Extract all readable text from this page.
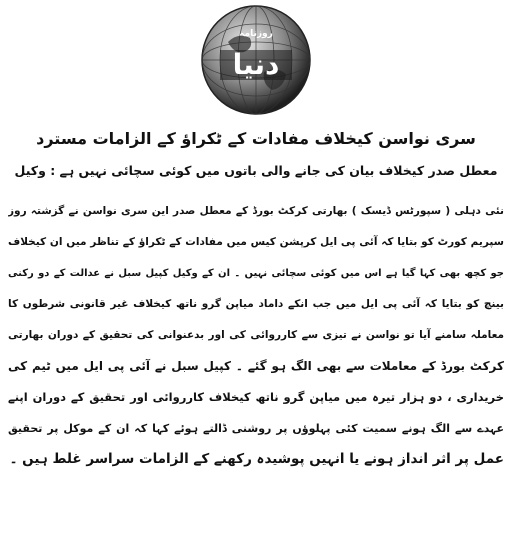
دنیا
روزنامہ
سری نواسن کیخلاف مفادات کے ٹکراؤ کے الزامات مسترد
معطل صدر کیخلاف بیان کی جانے والی باتوں میں کوئی سچائی نہیں ہے : وکیل
نئی دہلی ( سپورٹس ڈیسک ) بھارتی کرکٹ بورڈ کے معطل صدر این سری نواسن نے گزشتہ روز
سپریم کورٹ کو بتایا کہ آئی پی ایل کرپشن کیس میں مفادات کے ٹکراؤ کے تناظر میں ان کیخلاف
جو کچھ بھی کہا گیا ہے اس میں کوئی سچائی نہیں ۔ ان کے وکیل کپیل سبل نے عدالت کے دو رکنی
بینچ کو بتایا کہ آئی پی ایل میں جب انکے داماد میاپن گرو ناتھ کیخلاف غیر قانونی شرطوں کا
معاملہ سامنے آیا تو نواسن نے تیزی سے کارروائی کی اور بدعنوانی کی تحقیق کے دوران بھارتی
کرکٹ بورڈ کے معاملات سے بھی الگ ہو گئے ۔ کپیل سبل نے آئی پی ایل میں ٹیم کی
خریداری ، دو ہزار تیرہ میں میاپن گرو ناتھ کیخلاف کارروائی اور تحقیق کے دوران اپنے
عہدے سے الگ ہونے سمیت کئی پہلوؤں پر روشنی ڈالتے ہوئے کہا کہ ان کے موکل پر تحقیق
عمل پر اثر انداز ہونے یا انہیں پوشیدہ رکھنے کے الزامات سراسر غلط ہیں ۔
